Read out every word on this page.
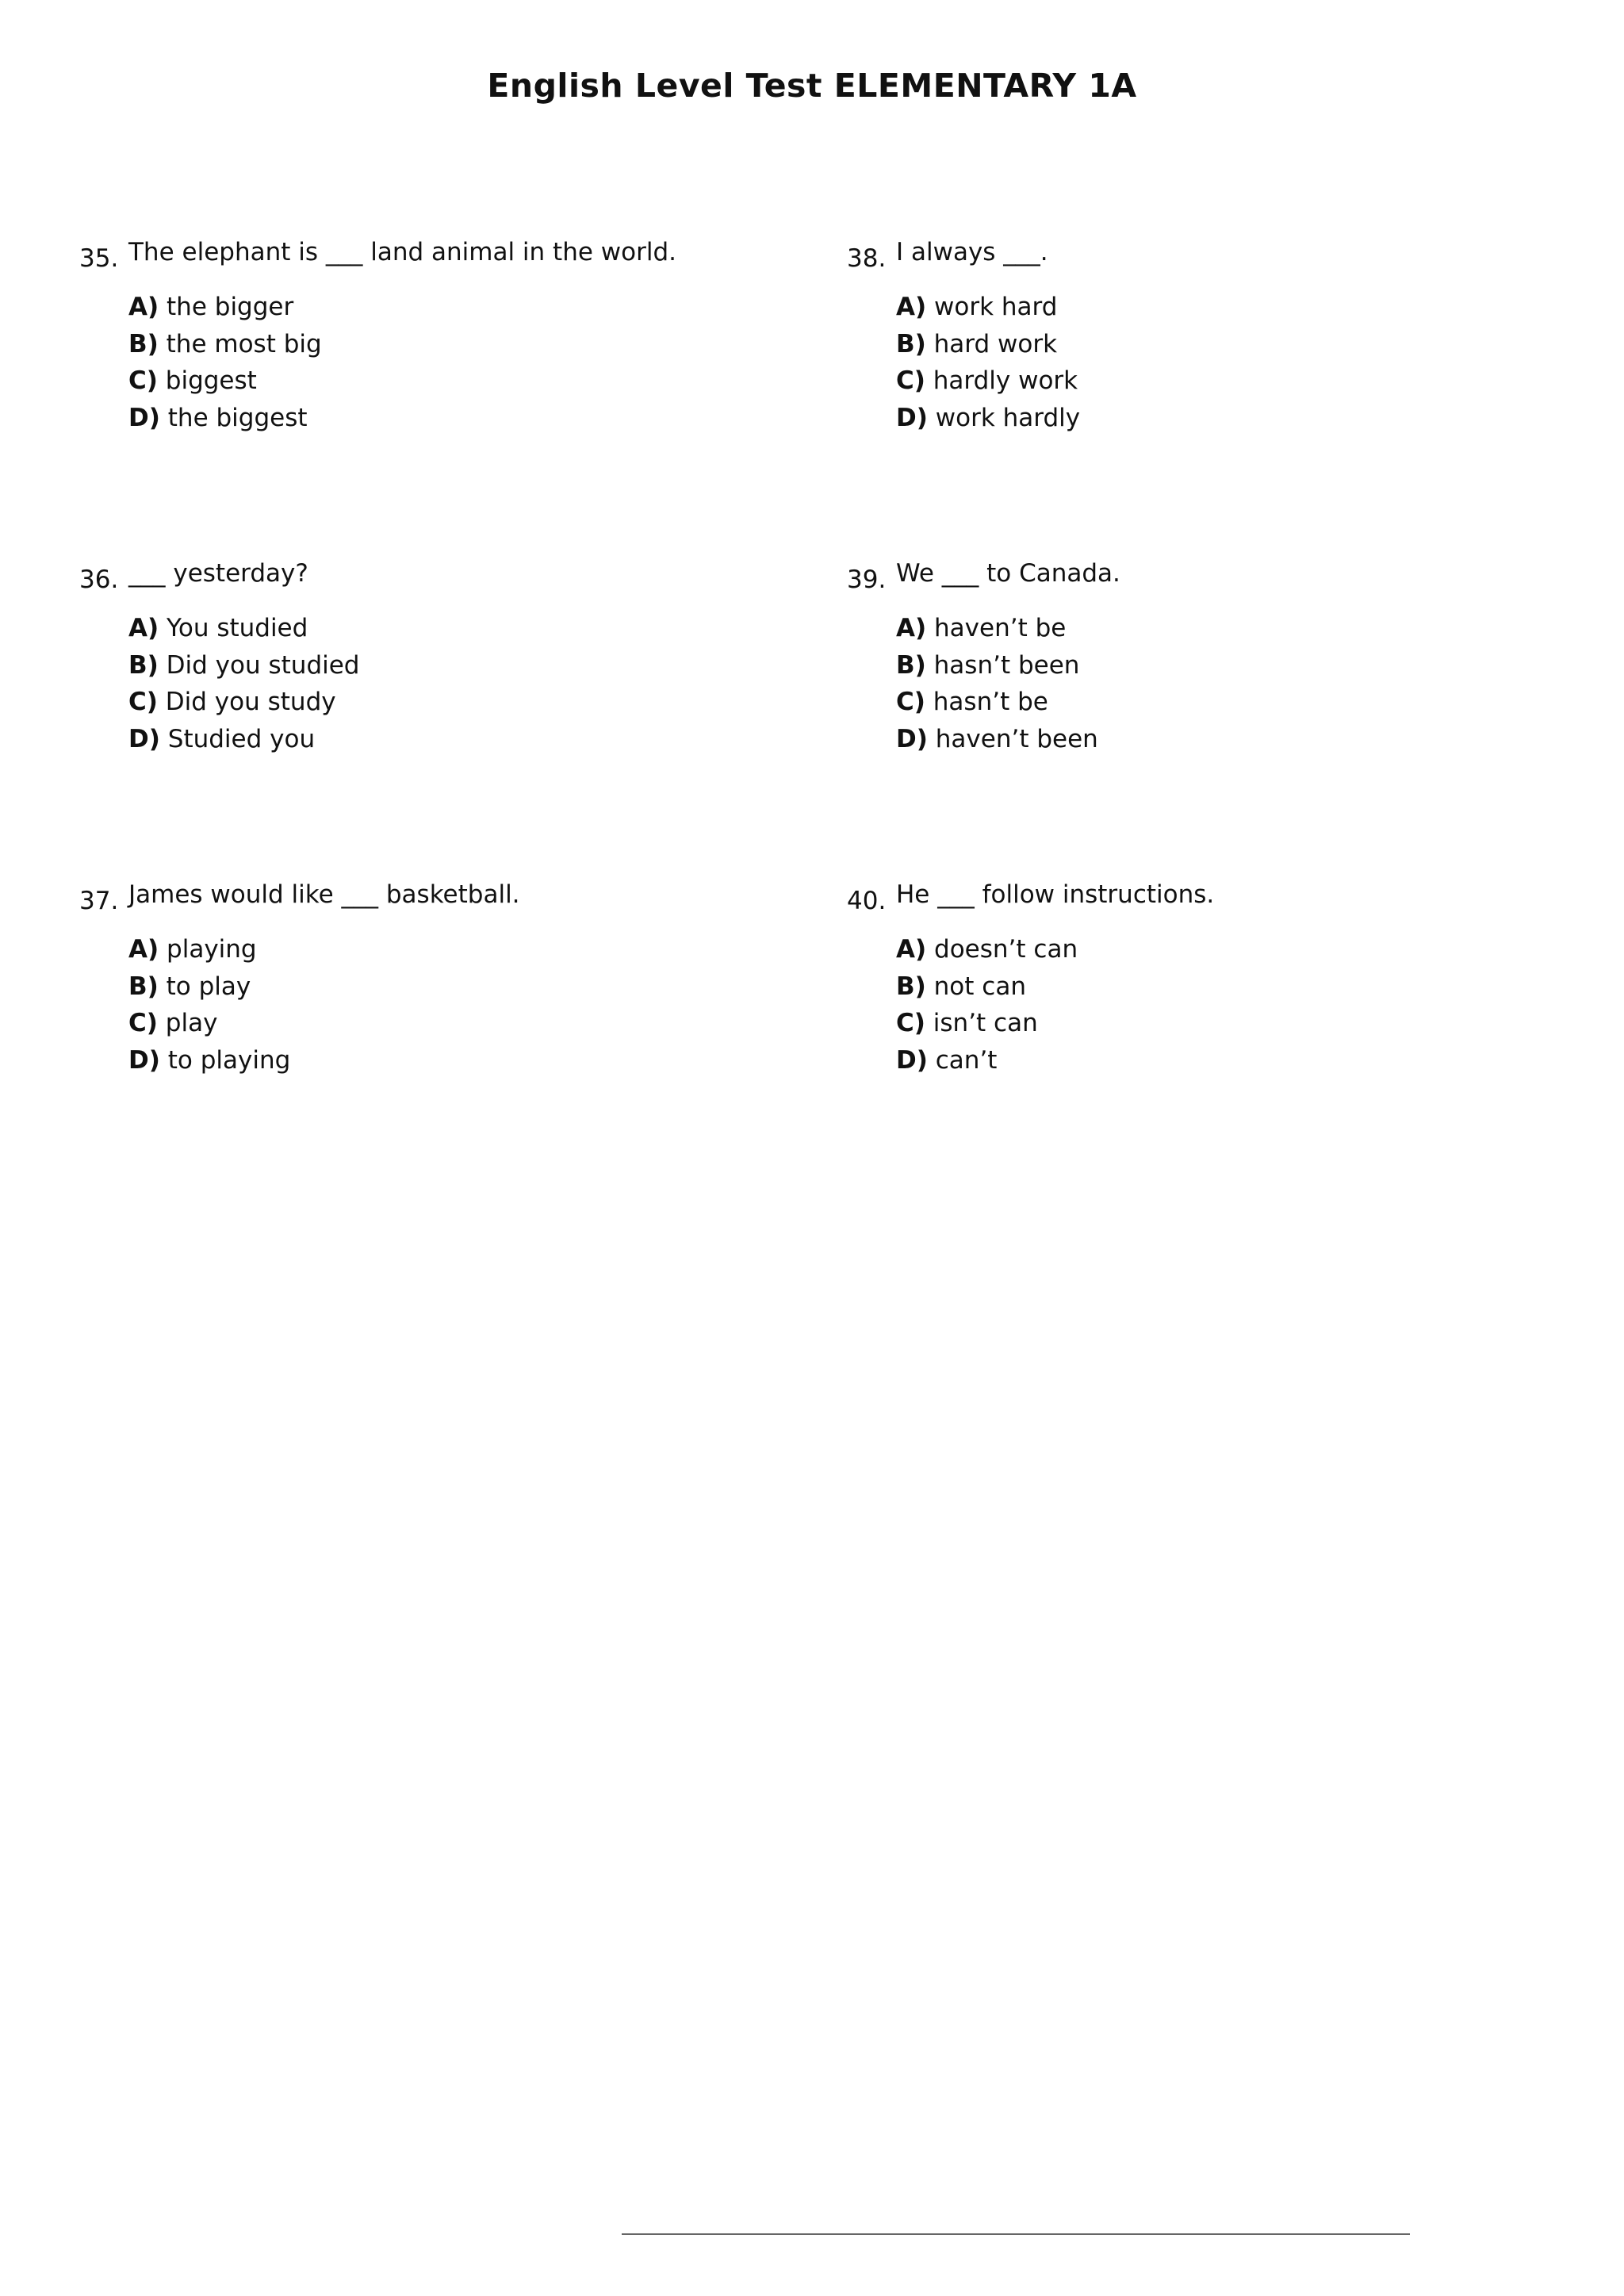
English Level Test ELEMENTARY 1A
35. The elephant is ___ land animal in the world.
A) the bigger
B) the most big
C) biggest
D) the biggest
36. ___ yesterday?
A) You studied
B) Did you studied
C) Did you study
D) Studied you
37. James would like ___ basketball.
A) playing
B) to play
C) play
D) to playing
38. I always ___.
A) work hard
B) hard work
C) hardly work
D) work hardly
39. We ___ to Canada.
A) haven’t be
B) hasn’t been
C) hasn’t be
D) haven’t been
40. He ___ follow instructions.
A) doesn’t can
B) not can
C) isn’t can
D) can’t
